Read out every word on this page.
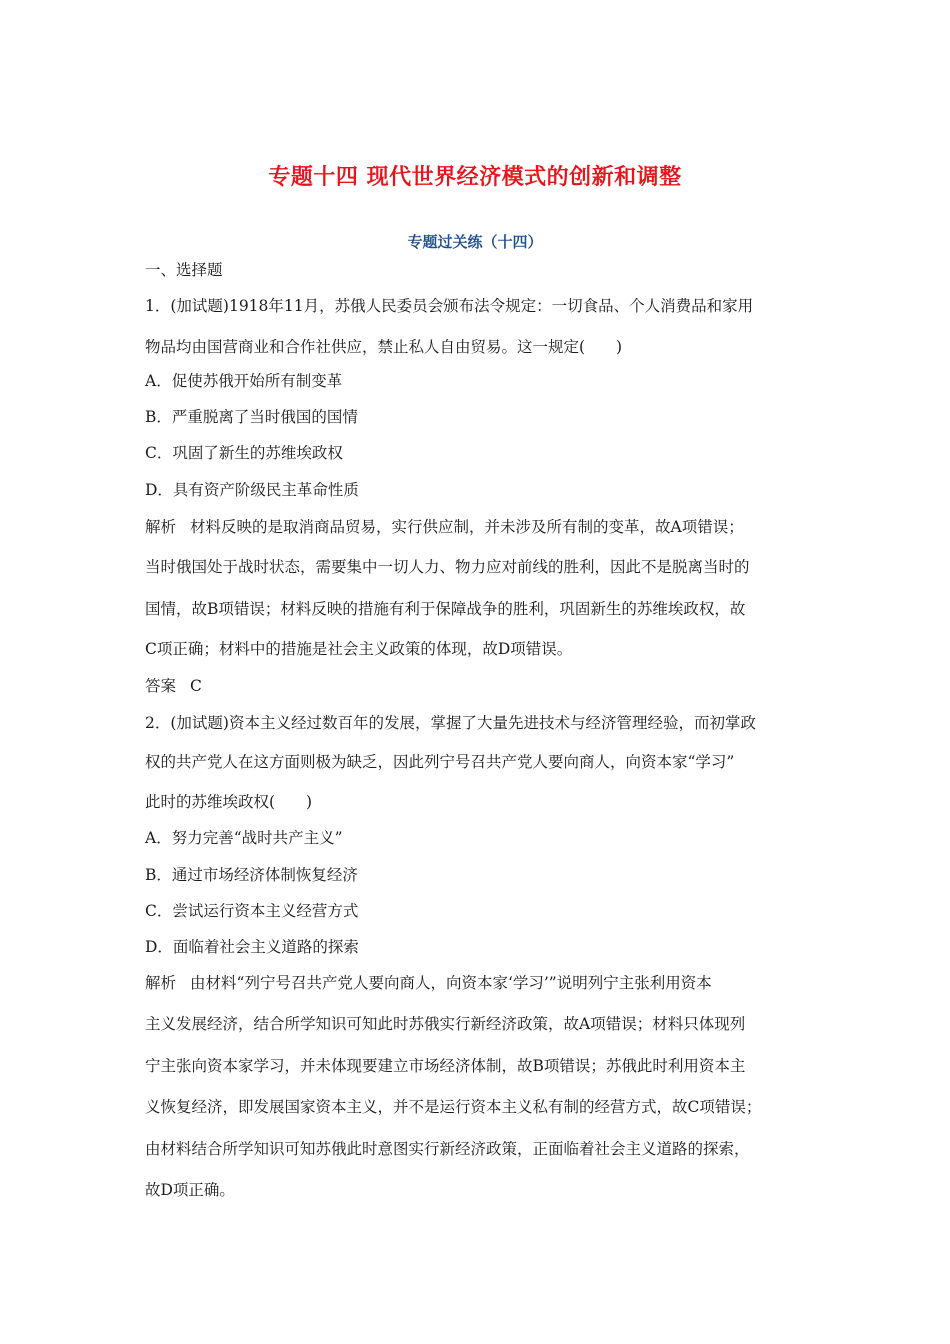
专题十四 现代世界经济模式的创新和调整
专题过关练（十四）
一、选择题
1．(加试题)1918年11月，苏俄人民委员会颁布法令规定：一切食品、个人消费品和家用
物品均由国营商业和合作社供应，禁止私人自由贸易。这一规定(　　)
A．促使苏俄开始所有制变革
B．严重脱离了当时俄国的国情
C．巩固了新生的苏维埃政权
D．具有资产阶级民主革命性质
解析 材料反映的是取消商品贸易，实行供应制，并未涉及所有制的变革，故A项错误；
当时俄国处于战时状态，需要集中一切人力、物力应对前线的胜利，因此不是脱离当时的
国情，故B项错误；材料反映的措施有利于保障战争的胜利，巩固新生的苏维埃政权，故
C项正确；材料中的措施是社会主义政策的体现，故D项错误。
答案 C
2．(加试题)资本主义经过数百年的发展，掌握了大量先进技术与经济管理经验，而初掌政
权的共产党人在这方面则极为缺乏，因此列宁号召共产党人要向商人，向资本家“学习”
此时的苏维埃政权(　　)
A．努力完善“战时共产主义”
B．通过市场经济体制恢复经济
C．尝试运行资本主义经营方式
D．面临着社会主义道路的探索
解析 由材料“列宁号召共产党人要向商人，向资本家‘学习’”说明列宁主张利用资本
主义发展经济，结合所学知识可知此时苏俄实行新经济政策，故A项错误；材料只体现列
宁主张向资本家学习，并未体现要建立市场经济体制，故B项错误；苏俄此时利用资本主
义恢复经济，即发展国家资本主义，并不是运行资本主义私有制的经营方式，故C项错误；
由材料结合所学知识可知苏俄此时意图实行新经济政策，正面临着社会主义道路的探索，
故D项正确。
